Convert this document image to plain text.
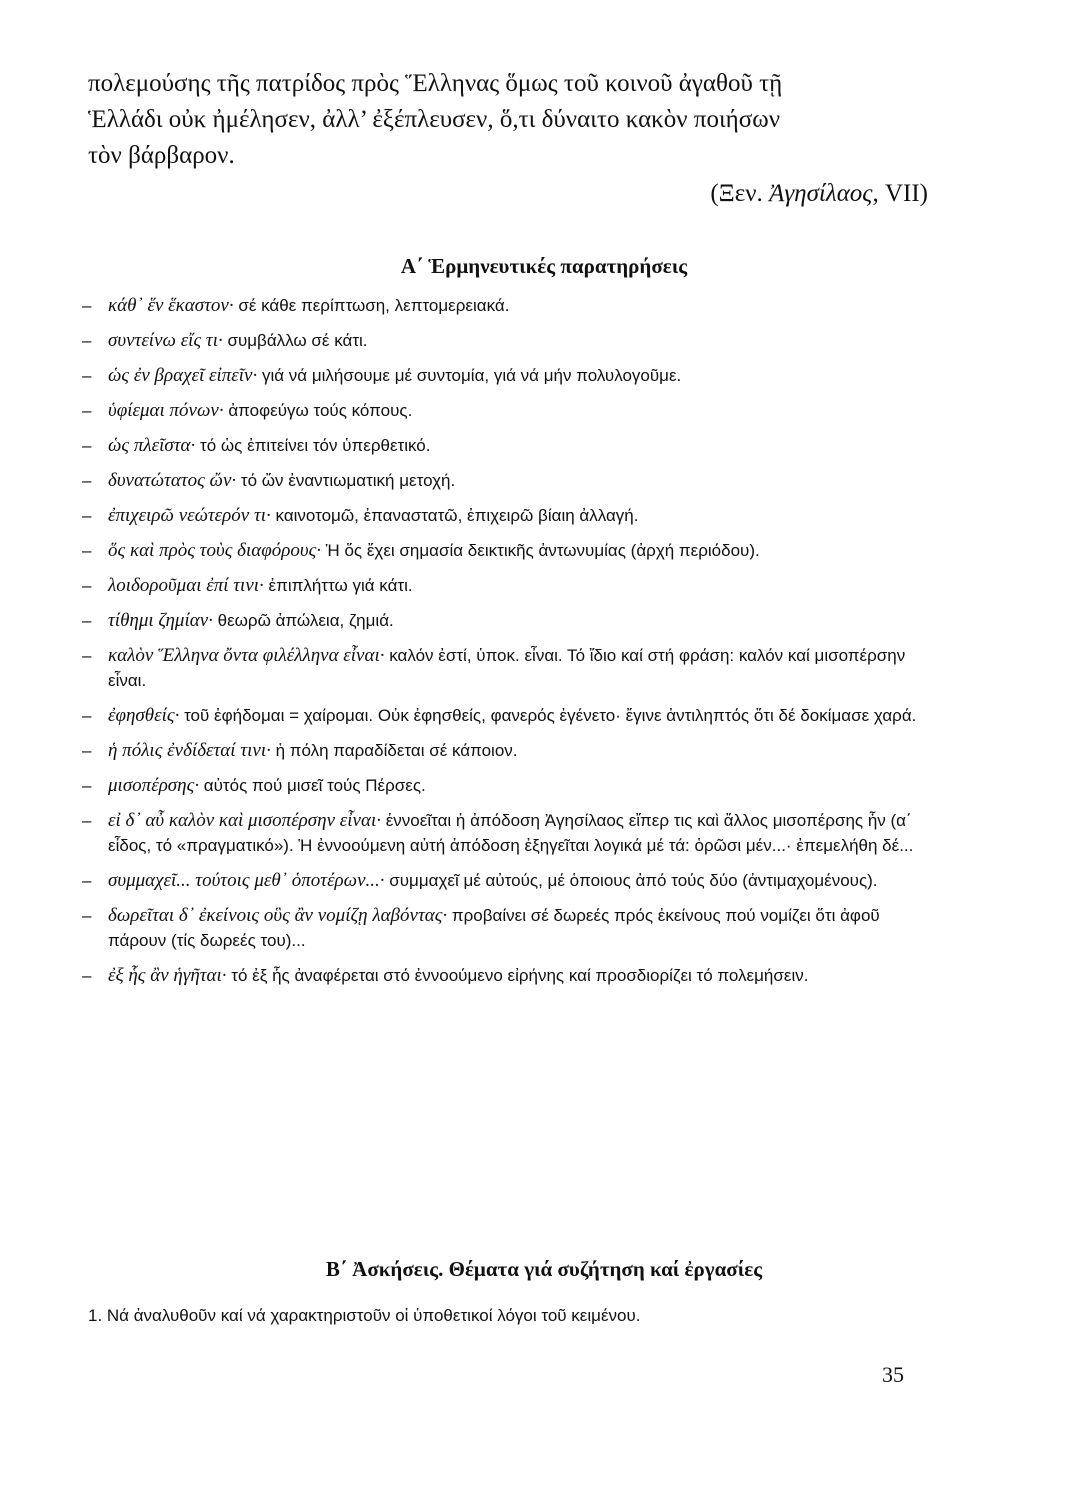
πολεμούσης τῆς πατρίδος πρὸς Ἕλληνας ὅμως τοῦ κοινοῦ ἀγαθοῦ τῇ

Ἑλλάδι οὐκ ἠμέλησεν, ἀλλ’ ἐξέπλευσεν, ὅ,τι δύναιτο κακὸν ποιήσων

τὸν βάρβαρον.

(Ξεν. Ἀγησίλαος, VII)
Α΄ Ἑρμηνευτικές παρατηρήσεις
– κάθ᾽ ἕν ἕκαστον· σέ κάθε περίπτωση, λεπτομερειακά.
– συντείνω εἴς τι· συμβάλλω σέ κάτι.
– ὡς ἐν βραχεῖ εἰπεῖν· γιά νά μιλήσουμε μέ συντομία, γιά νά μήν πολυλογοῦμε.
– ὑφίεμαι πόνων· ἀποφεύγω τούς κόπους.
– ὡς πλεῖστα· τό ὡς ἐπιτείνει τόν ὑπερθετικό.
– δυνατώτατος ὤν· τό ὤν ἐναντιωματική μετοχή.
– ἐπιχειρῶ νεώτερόν τι· καινοτομῶ, ἐπαναστατῶ, ἐπιχειρῶ βίαιη ἀλλαγή.
– ὅς καὶ πρὸς τοὺς διαφόρους· Ἡ ὅς ἔχει σημασία δεικτικῆς ἀντωνυμίας (ἀρχή περιόδου).
– λοιδοροῦμαι ἐπί τινι· ἐπιπλήττω γιά κάτι.
– τίθημι ζημίαν· θεωρῶ ἀπώλεια, ζημιά.
– καλὸν Ἕλληνα ὄντα φιλέλληνα εἶναι· καλόν ἐστί, ὑποκ. εἶναι. Τό ἴδιο καί στή φράση: καλόν καί μισοπέρσην εἶναι.
– ἐφησθείς· τοῦ ἐφήδομαι = χαίρομαι. Οὐκ ἐφησθείς, φανερός ἐγένετο· ἔγινε ἀντιληπτός ὅτι δέ δοκίμασε χαρά.
– ἡ πόλις ἐνδίδεταί τινι· ἡ πόλη παραδίδεται σέ κάποιον.
– μισοπέρσης· αὐτός πού μισεῖ τούς Πέρσες.
– εἰ δ᾽ αὖ καλὸν καὶ μισοπέρσην εἶναι· ἐννοεῖται ἡ ἀπόδοση Ἀγησίλαος εἴπερ τις καὶ ἄλλος μισοπέρσης ἦν (α΄ εἶδος, τό «πραγματικό»). Ἡ ἐννοούμενη αὐτή ἀπόδοση ἐξηγεῖται λογικά μέ τά: ὁρῶσι μέν...· ἐπεμελήθη δέ...
– συμμαχεῖ... τούτοις μεθ᾽ ὁποτέρων...· συμμαχεῖ μέ αὐτούς, μέ ὁποιους ἀπό τούς δύο (ἀντιμαχομένους).
– δωρεῖται δ᾽ ἐκείνοις οὓς ἂν νομίζῃ λαβόντας· προβαίνει σέ δωρεές πρός ἐκείνους πού νομίζει ὅτι ἀφοῦ πάρουν (τίς δωρεές του)...
– ἐξ ἧς ἂν ἡγῆται· τό ἐξ ἧς ἀναφέρεται στό ἐννοούμενο εἰρήνης καί προσδιορίζει τό πολεμήσειν.
Β΄ Ἀσκήσεις. Θέματα γιά συζήτηση καί ἐργασίες
1. Νά ἀναλυθοῦν καί νά χαρακτηριστοῦν οἱ ὑποθετικοί λόγοι τοῦ κειμένου.
35
